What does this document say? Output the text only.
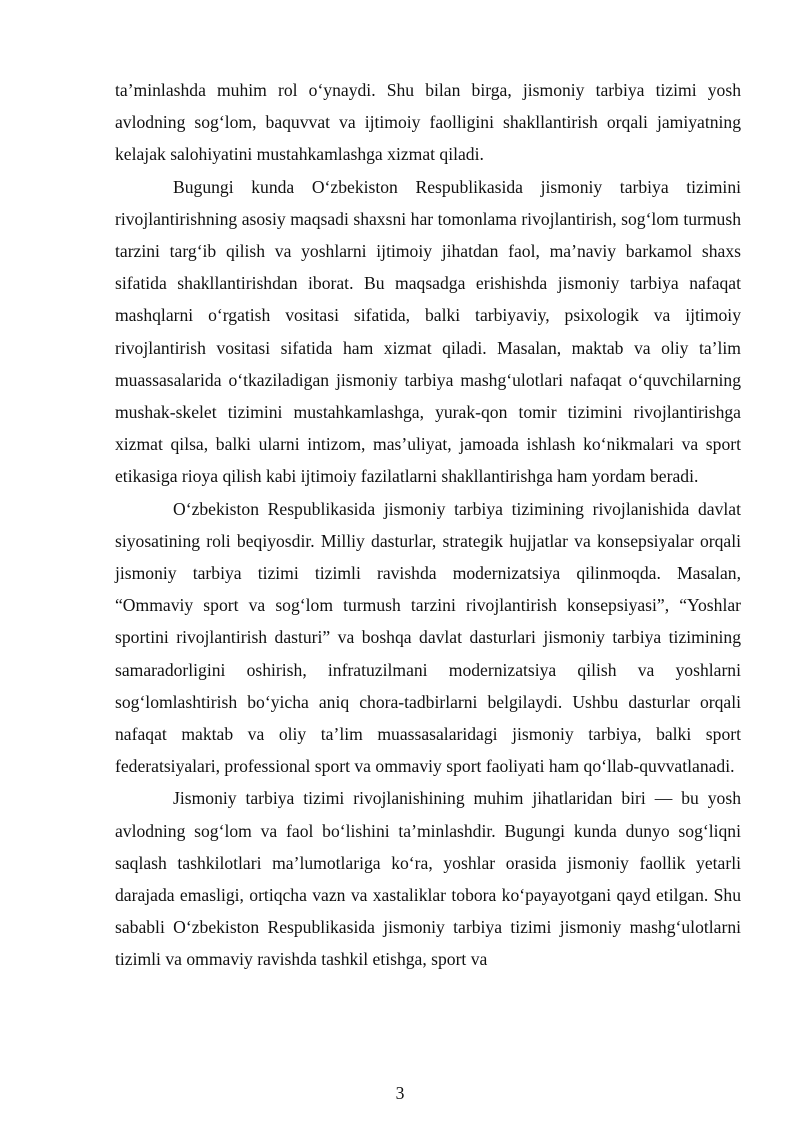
ta’minlashda muhim rol o‘ynaydi. Shu bilan birga, jismoniy tarbiya tizimi yosh avlodning sog‘lom, baquvvat va ijtimoiy faolligini shakllantirish orqali jamiyatning kelajak salohiyatini mustahkamlashga xizmat qiladi.

Bugungi kunda O‘zbekiston Respublikasida jismoniy tarbiya tizimini rivojlantirishning asosiy maqsadi shaxsni har tomonlama rivojlantirish, sog‘lom turmush tarzini targ‘ib qilish va yoshlarni ijtimoiy jihatdan faol, ma’naviy barkamol shaxs sifatida shakllantirishdan iborat. Bu maqsadga erishishda jismoniy tarbiya nafaqat mashqlarni o‘rgatish vositasi sifatida, balki tarbiyaviy, psixologik va ijtimoiy rivojlantirish vositasi sifatida ham xizmat qiladi. Masalan, maktab va oliy ta’lim muassasalarida o‘tkaziladigan jismoniy tarbiya mashg‘ulotlari nafaqat o‘quvchilarning mushak-skelet tizimini mustahkamlashga, yurak-qon tomir tizimini rivojlantirishga xizmat qilsa, balki ularni intizom, mas’uliyat, jamoada ishlash ko‘nikmalari va sport etikasiga rioya qilish kabi ijtimoiy fazilatlarni shakllantirishga ham yordam beradi.

O‘zbekiston Respublikasida jismoniy tarbiya tizimining rivojlanishida davlat siyosatining roli beqiyosdir. Milliy dasturlar, strategik hujjatlar va konsepsiyalar orqali jismoniy tarbiya tizimi tizimli ravishda modernizatsiya qilinmoqda. Masalan, “Ommaviy sport va sog‘lom turmush tarzini rivojlantirish konsepsiyasi”, “Yoshlar sportini rivojlantirish dasturi” va boshqa davlat dasturlari jismoniy tarbiya tizimining samaradorligini oshirish, infratuzilmani modernizatsiya qilish va yoshlarni sog‘lomlashtirish bo‘yicha aniq chora-tadbirlarni belgilaydi. Ushbu dasturlar orqali nafaqat maktab va oliy ta’lim muassasalaridagi jismoniy tarbiya, balki sport federatsiyalari, professional sport va ommaviy sport faoliyati ham qo‘llab-quvvatlanadi.

Jismoniy tarbiya tizimi rivojlanishining muhim jihatlaridan biri — bu yosh avlodning sog‘lom va faol bo‘lishini ta’minlashdir. Bugungi kunda dunyo sog‘liqni saqlash tashkilotlari ma’lumotlariga ko‘ra, yoshlar orasida jismoniy faollik yetarli darajada emasligi, ortiqcha vazn va xastaliklar tobora ko‘payayotgani qayd etilgan. Shu sababli O‘zbekiston Respublikasida jismoniy tarbiya tizimi jismoniy mashg‘ulotlarni tizimli va ommaviy ravishda tashkil etishga, sport va

3
